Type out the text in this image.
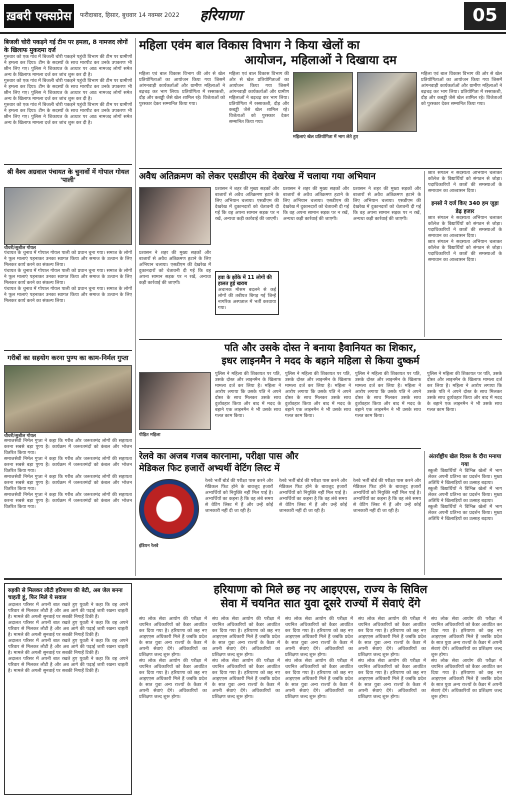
ख़बरी एक्सप्रेस	फरीदाबाद, हिसार, बुधवार 14 नवम्बर 2022 हरियाणा	05
बिजली चोरी पकड़ने गई टीम पर हमला, 8 नामजद लोगों के खिलाफ मुकदमा दर्ज
गुरुवार को एक गांव में बिजली चोरी पकड़ने पहुंची विभाग की टीम पर ग्रामीणों ने हमला कर दिया। टीम के सदस्यों के साथ मारपीट कर उनके उपकरण भी छीन लिए गए। पुलिस ने शिकायत के आधार पर आठ नामजद लोगों समेत अन्य के खिलाफ मामला दर्ज कर जांच शुरू कर दी है।
गुरुवार को एक गांव में बिजली चोरी पकड़ने पहुंची विभाग की टीम पर ग्रामीणों ने हमला कर दिया। टीम के सदस्यों के साथ मारपीट कर उनके उपकरण भी छीन लिए गए। पुलिस ने शिकायत के आधार पर आठ नामजद लोगों समेत अन्य के खिलाफ मामला दर्ज कर जांच शुरू कर दी है।
गुरुवार को एक गांव में बिजली चोरी पकड़ने पहुंची विभाग की टीम पर ग्रामीणों ने हमला कर दिया। टीम के सदस्यों के साथ मारपीट कर उनके उपकरण भी छीन लिए गए। पुलिस ने शिकायत के आधार पर आठ नामजद लोगों समेत अन्य के खिलाफ मामला दर्ज कर जांच शुरू कर दी है।
श्री वैश्य अग्रवाल पंचायत के चुनावों में गोपाल गोयल 'पाली'
चौधरी/सुशील गोयल
पंचायत के चुनाव में गोपाल गोयल पाली को प्रधान चुना गया। समाज के लोगों ने फूल मालाएं पहनाकर उनका स्वागत किया और समाज के उत्थान के लिए मिलकर कार्य करने का संकल्प लिया।
पंचायत के चुनाव में गोपाल गोयल पाली को प्रधान चुना गया। समाज के लोगों ने फूल मालाएं पहनाकर उनका स्वागत किया और समाज के उत्थान के लिए मिलकर कार्य करने का संकल्प लिया।
पंचायत के चुनाव में गोपाल गोयल पाली को प्रधान चुना गया। समाज के लोगों ने फूल मालाएं पहनाकर उनका स्वागत किया और समाज के उत्थान के लिए मिलकर कार्य करने का संकल्प लिया।
गरीबों का सहयोग करना पुण्य का काम-निर्मल गुप्ता
चौधरी/सुशील गोयल
समाजसेवी निर्मल गुप्ता ने कहा कि गरीब और जरूरतमंद लोगों की सहायता करना सबसे बड़ा पुण्य है। कार्यक्रम में जरूरतमंदों को कंबल और भोजन वितरित किया गया।
समाजसेवी निर्मल गुप्ता ने कहा कि गरीब और जरूरतमंद लोगों की सहायता करना सबसे बड़ा पुण्य है। कार्यक्रम में जरूरतमंदों को कंबल और भोजन वितरित किया गया।
समाजसेवी निर्मल गुप्ता ने कहा कि गरीब और जरूरतमंद लोगों की सहायता करना सबसे बड़ा पुण्य है। कार्यक्रम में जरूरतमंदों को कंबल और भोजन वितरित किया गया।
समाजसेवी निर्मल गुप्ता ने कहा कि गरीब और जरूरतमंद लोगों की सहायता करना सबसे बड़ा पुण्य है। कार्यक्रम में जरूरतमंदों को कंबल और भोजन वितरित किया गया।
महिला एवंम बाल विकास विभाग ने किया खेलों का
आयोजन, महिलाओं ने दिखाया दम
महिला एवं बाल विकास विभाग की ओर से खेल प्रतियोगिताओं का आयोजन किया गया जिसमें आंगनवाड़ी कार्यकर्ताओं और ग्रामीण महिलाओं ने बढ़चढ़ कर भाग लिया। प्रतियोगिता में रस्साकशी, दौड़ और कबड्डी जैसे खेल शामिल रहे। विजेताओं को पुरस्कार देकर सम्मानित किया गया।
महिला एवं बाल विकास विभाग की ओर से खेल प्रतियोगिताओं का आयोजन किया गया जिसमें आंगनवाड़ी कार्यकर्ताओं और ग्रामीण महिलाओं ने बढ़चढ़ कर भाग लिया। प्रतियोगिता में रस्साकशी, दौड़ और कबड्डी जैसे खेल शामिल रहे। विजेताओं को पुरस्कार देकर सम्मानित किया गया।
महिलाएं खेल प्रतियोगिता में भाग लेते हुए
महिला एवं बाल विकास विभाग की ओर से खेल प्रतियोगिताओं का आयोजन किया गया जिसमें आंगनवाड़ी कार्यकर्ताओं और ग्रामीण महिलाओं ने बढ़चढ़ कर भाग लिया। प्रतियोगिता में रस्साकशी, दौड़ और कबड्डी जैसे खेल शामिल रहे। विजेताओं को पुरस्कार देकर सम्मानित किया गया।
अवैध अतिक्रमण को लेकर एसडीएम की देखरेख में चलाया गया अभियान
प्रशासन ने शहर की मुख्य सड़कों और बाजारों से अवैध अतिक्रमण हटाने के लिए अभियान चलाया। एसडीएम की देखरेख में दुकानदारों को चेतावनी दी गई कि वह अपना सामान सड़क पर न रखें, अन्यथा कड़ी कार्रवाई की जाएगी।
प्रशासन ने शहर की मुख्य सड़कों और बाजारों से अवैध अतिक्रमण हटाने के लिए अभियान चलाया। एसडीएम की देखरेख में दुकानदारों को चेतावनी दी गई कि वह अपना सामान सड़क पर न रखें, अन्यथा कड़ी कार्रवाई की जाएगी।
प्रशासन ने शहर की मुख्य सड़कों और बाजारों से अवैध अतिक्रमण हटाने के लिए अभियान चलाया। एसडीएम की देखरेख में दुकानदारों को चेतावनी दी गई कि वह अपना सामान सड़क पर न रखें, अन्यथा कड़ी कार्रवाई की जाएगी।
प्रशासन ने शहर की मुख्य सड़कों और बाजारों से अवैध अतिक्रमण हटाने के लिए अभियान चलाया। एसडीएम की देखरेख में दुकानदारों को चेतावनी दी गई कि वह अपना सामान सड़क पर न रखें, अन्यथा कड़ी कार्रवाई की जाएगी।
हवा के झोंके में 11 लोगों की हालत हुई खराब
अचानक मौसम बदलने से कई लोगों की तबीयत बिगड़ गई जिन्हें नागरिक अस्पताल में भर्ती करवाया गया।
छात्र संगठन ने सदस्यता अभियान चलाकर कॉलेज के विद्यार्थियों को संगठन से जोड़ा। पदाधिकारियों ने छात्रों की समस्याओं के समाधान का आश्वासन दिया।
इनसो ने दर्ज किए 340 हम जुड़ा डेढ़ हजार
छात्र संगठन ने सदस्यता अभियान चलाकर कॉलेज के विद्यार्थियों को संगठन से जोड़ा। पदाधिकारियों ने छात्रों की समस्याओं के समाधान का आश्वासन दिया।
छात्र संगठन ने सदस्यता अभियान चलाकर कॉलेज के विद्यार्थियों को संगठन से जोड़ा। पदाधिकारियों ने छात्रों की समस्याओं के समाधान का आश्वासन दिया।
पति और उसके दोस्त ने बनाया हैवानियत का शिकार,
इधर लाइनमैन ने मदद के बहाने महिला से किया दुष्कर्म
पीड़ित महिला
पुलिस ने महिला की शिकायत पर पति, उसके दोस्त और लाइनमैन के खिलाफ मामला दर्ज कर लिया है। महिला ने आरोप लगाया कि उसके पति ने अपने दोस्त के साथ मिलकर उसके साथ दुर्व्यवहार किया और बाद में मदद के बहाने एक लाइनमैन ने भी उसके साथ गलत काम किया।
पुलिस ने महिला की शिकायत पर पति, उसके दोस्त और लाइनमैन के खिलाफ मामला दर्ज कर लिया है। महिला ने आरोप लगाया कि उसके पति ने अपने दोस्त के साथ मिलकर उसके साथ दुर्व्यवहार किया और बाद में मदद के बहाने एक लाइनमैन ने भी उसके साथ गलत काम किया।
पुलिस ने महिला की शिकायत पर पति, उसके दोस्त और लाइनमैन के खिलाफ मामला दर्ज कर लिया है। महिला ने आरोप लगाया कि उसके पति ने अपने दोस्त के साथ मिलकर उसके साथ दुर्व्यवहार किया और बाद में मदद के बहाने एक लाइनमैन ने भी उसके साथ गलत काम किया।
पुलिस ने महिला की शिकायत पर पति, उसके दोस्त और लाइनमैन के खिलाफ मामला दर्ज कर लिया है। महिला ने आरोप लगाया कि उसके पति ने अपने दोस्त के साथ मिलकर उसके साथ दुर्व्यवहार किया और बाद में मदद के बहाने एक लाइनमैन ने भी उसके साथ गलत काम किया।
रेलवे का अजब गजब कारनामा, परीक्षा पास और
मेडिकल फिट हजारों अभ्यर्थी वेटिंग लिस्ट में
इंडियन रेलवे
रेलवे भर्ती बोर्ड की परीक्षा पास करने और मेडिकल फिट होने के बावजूद हजारों अभ्यर्थियों को नियुक्ति नहीं मिल पाई है। अभ्यर्थियों का कहना है कि वह लंबे समय से वेटिंग लिस्ट में हैं और उन्हें कोई जानकारी नहीं दी जा रही है।
रेलवे भर्ती बोर्ड की परीक्षा पास करने और मेडिकल फिट होने के बावजूद हजारों अभ्यर्थियों को नियुक्ति नहीं मिल पाई है। अभ्यर्थियों का कहना है कि वह लंबे समय से वेटिंग लिस्ट में हैं और उन्हें कोई जानकारी नहीं दी जा रही है।
रेलवे भर्ती बोर्ड की परीक्षा पास करने और मेडिकल फिट होने के बावजूद हजारों अभ्यर्थियों को नियुक्ति नहीं मिल पाई है। अभ्यर्थियों का कहना है कि वह लंबे समय से वेटिंग लिस्ट में हैं और उन्हें कोई जानकारी नहीं दी जा रही है।
अंतर्राष्ट्रीय खेल दिवस के दौरा मनाया गया
स्कूली विद्यार्थियों ने विभिन्न खेलों में भाग लेकर अपनी प्रतिभा का प्रदर्शन किया। मुख्य अतिथि ने खिलाड़ियों का उत्साह बढ़ाया।
स्कूली विद्यार्थियों ने विभिन्न खेलों में भाग लेकर अपनी प्रतिभा का प्रदर्शन किया। मुख्य अतिथि ने खिलाड़ियों का उत्साह बढ़ाया।
स्कूली विद्यार्थियों ने विभिन्न खेलों में भाग लेकर अपनी प्रतिभा का प्रदर्शन किया। मुख्य अतिथि ने खिलाड़ियों का उत्साह बढ़ाया।
रुड़की से मिलकर लौटी हरियाणा की बेटी, अब जेल बनना चाहती हूं, फिर मिले ये सवाल
अदालत परिसर में अपनी बात रखते हुए युवती ने कहा कि वह अपने परिवार से मिलकर लौटी है और अब आगे की पढ़ाई जारी रखना चाहती है। मामले की अगली सुनवाई पर सबकी निगाहें टिकी हैं।
अदालत परिसर में अपनी बात रखते हुए युवती ने कहा कि वह अपने परिवार से मिलकर लौटी है और अब आगे की पढ़ाई जारी रखना चाहती है। मामले की अगली सुनवाई पर सबकी निगाहें टिकी हैं।
अदालत परिसर में अपनी बात रखते हुए युवती ने कहा कि वह अपने परिवार से मिलकर लौटी है और अब आगे की पढ़ाई जारी रखना चाहती है। मामले की अगली सुनवाई पर सबकी निगाहें टिकी हैं।
अदालत परिसर में अपनी बात रखते हुए युवती ने कहा कि वह अपने परिवार से मिलकर लौटी है और अब आगे की पढ़ाई जारी रखना चाहती है। मामले की अगली सुनवाई पर सबकी निगाहें टिकी हैं।
हरियाणा को मिले छह नए आइएएस, राज्य के सिविल
सेवा में चयनित सात युवा दूसरे राज्यों में सेवाएं देंगे
संघ लोक सेवा आयोग की परीक्षा में चयनित अधिकारियों को कैडर आवंटित कर दिया गया है। हरियाणा को छह नए आइएएस अधिकारी मिले हैं जबकि प्रदेश के सात युवा अन्य राज्यों के कैडर में अपनी सेवाएं देंगे। अधिकारियों का प्रशिक्षण जल्द शुरू होगा।
संघ लोक सेवा आयोग की परीक्षा में चयनित अधिकारियों को कैडर आवंटित कर दिया गया है। हरियाणा को छह नए आइएएस अधिकारी मिले हैं जबकि प्रदेश के सात युवा अन्य राज्यों के कैडर में अपनी सेवाएं देंगे। अधिकारियों का प्रशिक्षण जल्द शुरू होगा।
संघ लोक सेवा आयोग की परीक्षा में चयनित अधिकारियों को कैडर आवंटित कर दिया गया है। हरियाणा को छह नए आइएएस अधिकारी मिले हैं जबकि प्रदेश के सात युवा अन्य राज्यों के कैडर में अपनी सेवाएं देंगे। अधिकारियों का प्रशिक्षण जल्द शुरू होगा।
संघ लोक सेवा आयोग की परीक्षा में चयनित अधिकारियों को कैडर आवंटित कर दिया गया है। हरियाणा को छह नए आइएएस अधिकारी मिले हैं जबकि प्रदेश के सात युवा अन्य राज्यों के कैडर में अपनी सेवाएं देंगे। अधिकारियों का प्रशिक्षण जल्द शुरू होगा।
संघ लोक सेवा आयोग की परीक्षा में चयनित अधिकारियों को कैडर आवंटित कर दिया गया है। हरियाणा को छह नए आइएएस अधिकारी मिले हैं जबकि प्रदेश के सात युवा अन्य राज्यों के कैडर में अपनी सेवाएं देंगे। अधिकारियों का प्रशिक्षण जल्द शुरू होगा।
संघ लोक सेवा आयोग की परीक्षा में चयनित अधिकारियों को कैडर आवंटित कर दिया गया है। हरियाणा को छह नए आइएएस अधिकारी मिले हैं जबकि प्रदेश के सात युवा अन्य राज्यों के कैडर में अपनी सेवाएं देंगे। अधिकारियों का प्रशिक्षण जल्द शुरू होगा।
संघ लोक सेवा आयोग की परीक्षा में चयनित अधिकारियों को कैडर आवंटित कर दिया गया है। हरियाणा को छह नए आइएएस अधिकारी मिले हैं जबकि प्रदेश के सात युवा अन्य राज्यों के कैडर में अपनी सेवाएं देंगे। अधिकारियों का प्रशिक्षण जल्द शुरू होगा।
संघ लोक सेवा आयोग की परीक्षा में चयनित अधिकारियों को कैडर आवंटित कर दिया गया है। हरियाणा को छह नए आइएएस अधिकारी मिले हैं जबकि प्रदेश के सात युवा अन्य राज्यों के कैडर में अपनी सेवाएं देंगे। अधिकारियों का प्रशिक्षण जल्द शुरू होगा।
संघ लोक सेवा आयोग की परीक्षा में चयनित अधिकारियों को कैडर आवंटित कर दिया गया है। हरियाणा को छह नए आइएएस अधिकारी मिले हैं जबकि प्रदेश के सात युवा अन्य राज्यों के कैडर में अपनी सेवाएं देंगे। अधिकारियों का प्रशिक्षण जल्द शुरू होगा।
संघ लोक सेवा आयोग की परीक्षा में चयनित अधिकारियों को कैडर आवंटित कर दिया गया है। हरियाणा को छह नए आइएएस अधिकारी मिले हैं जबकि प्रदेश के सात युवा अन्य राज्यों के कैडर में अपनी सेवाएं देंगे। अधिकारियों का प्रशिक्षण जल्द शुरू होगा।
